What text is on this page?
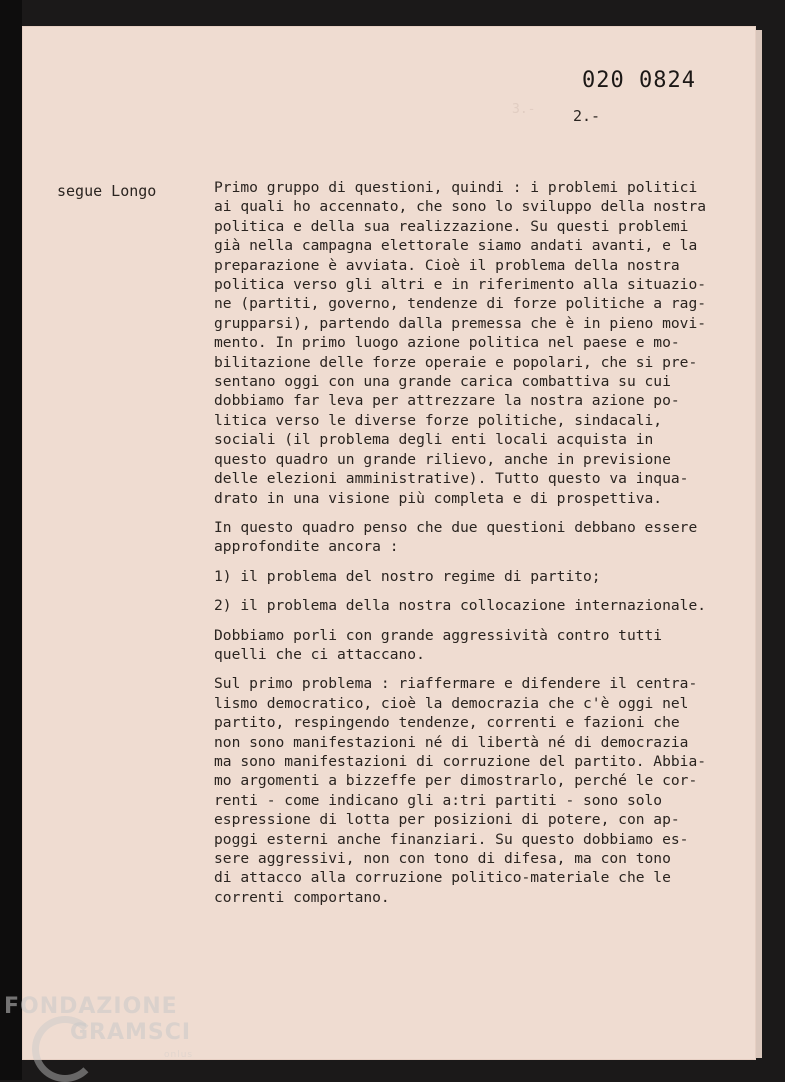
3.-
020 0824
2.-
segue Longo	Primo gruppo di questioni, quindi : i problemi politici
ai quali ho accennato, che sono lo sviluppo della nostra
politica e della sua realizzazione. Su questi problemi
già nella campagna elettorale siamo andati avanti, e la
preparazione è avviata. Cioè il problema della nostra
politica verso gli altri e in riferimento alla situazio-
ne (partiti, governo, tendenze di forze politiche a rag-
grupparsi), partendo dalla premessa che è in pieno movi-
mento. In primo luogo azione politica nel paese e mo-
bilitazione delle forze operaie e popolari, che si pre-
sentano oggi con una grande carica combattiva su cui
dobbiamo far leva per attrezzare la nostra azione po-
litica verso le diverse forze politiche, sindacali,
sociali (il problema degli enti locali acquista in
questo quadro un grande rilievo, anche in previsione
delle elezioni amministrative). Tutto questo va inqua-
drato in una visione più completa e di prospettiva.

In questo quadro penso che due questioni debbano essere
approfondite ancora :

1) il problema del nostro regime di partito;

2) il problema della nostra collocazione internazionale.

Dobbiamo porli con grande aggressività contro tutti
quelli che ci attaccano.

Sul primo problema : riaffermare e difendere il centra-
lismo democratico, cioè la democrazia che c'è oggi nel
partito, respingendo tendenze, correnti e fazioni che
non sono manifestazioni né di libertà né di democrazia
ma sono manifestazioni di corruzione del partito. Abbia-
mo argomenti a bizzeffe per dimostrarlo, perché le cor-
renti - come indicano gli a:tri partiti - sono solo
espressione di lotta per posizioni di potere, con ap-
poggi esterni anche finanziari. Su questo dobbiamo es-
sere aggressivi, non con tono di difesa, ma con tono
di attacco alla corruzione politico-materiale che le
correnti comportano.

FONDAZIONE
GRAMSCI
onlus
